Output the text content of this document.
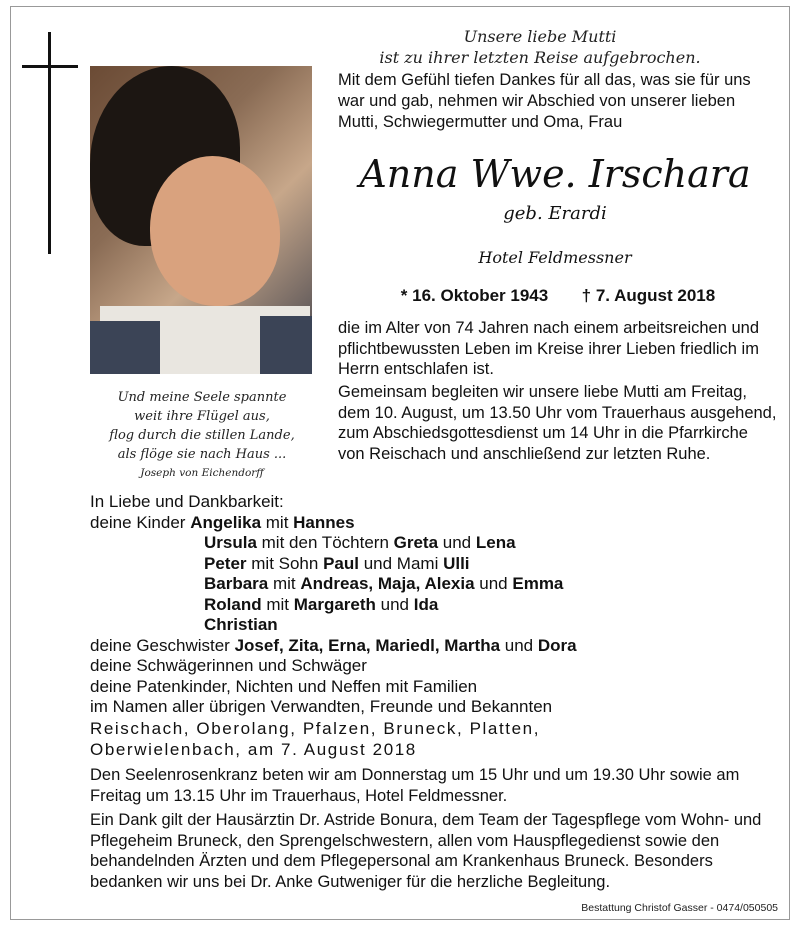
Unsere liebe Mutti
ist zu ihrer letzten Reise aufgebrochen.
Mit dem Gefühl tiefen Dankes für all das, was sie für uns war und gab, nehmen wir Abschied von unserer lieben Mutti, Schwiegermutter und Oma, Frau
Anna Wwe. Irschara
geb. Erardi
Hotel Feldmessner
* 16. Oktober 1943 † 7. August 2018
die im Alter von 74 Jahren nach einem arbeitsreichen und pflichtbewussten Leben im Kreise ihrer Lieben friedlich im Herrn entschlafen ist.
Gemeinsam begleiten wir unsere liebe Mutti am Freitag, dem 10. August, um 13.50 Uhr vom Trauerhaus ausgehend, zum Abschiedsgottesdienst um 14 Uhr in die Pfarrkirche von Reischach und anschließend zur letzten Ruhe.
Und meine Seele spannte
weit ihre Flügel aus,
flog durch die stillen Lande,
als flöge sie nach Haus ...
Joseph von Eichendorff
In Liebe und Dankbarkeit:
deine Kinder Angelika mit Hannes
Ursula mit den Töchtern Greta und Lena
Peter mit Sohn Paul und Mami Ulli
Barbara mit Andreas, Maja, Alexia und Emma
Roland mit Margareth und Ida
Christian
deine Geschwister Josef, Zita, Erna, Mariedl, Martha und Dora
deine Schwägerinnen und Schwäger
deine Patenkinder, Nichten und Neffen mit Familien
im Namen aller übrigen Verwandten, Freunde und Bekannten
Reischach, Oberolang, Pfalzen, Bruneck, Platten,
Oberwielenbach, am 7. August 2018
Den Seelenrosenkranz beten wir am Donnerstag um 15 Uhr und um 19.30 Uhr sowie am Freitag um 13.15 Uhr im Trauerhaus, Hotel Feldmessner.
Ein Dank gilt der Hausärztin Dr. Astride Bonura, dem Team der Tagespflege vom Wohn- und Pflegeheim Bruneck, den Sprengelschwestern, allen vom Hauspflegedienst sowie den behandelnden Ärzten und dem Pflegepersonal am Krankenhaus Bruneck. Besonders bedanken wir uns bei Dr. Anke Gutweniger für die herzliche Begleitung.
Bestattung Christof Gasser - 0474/050505
